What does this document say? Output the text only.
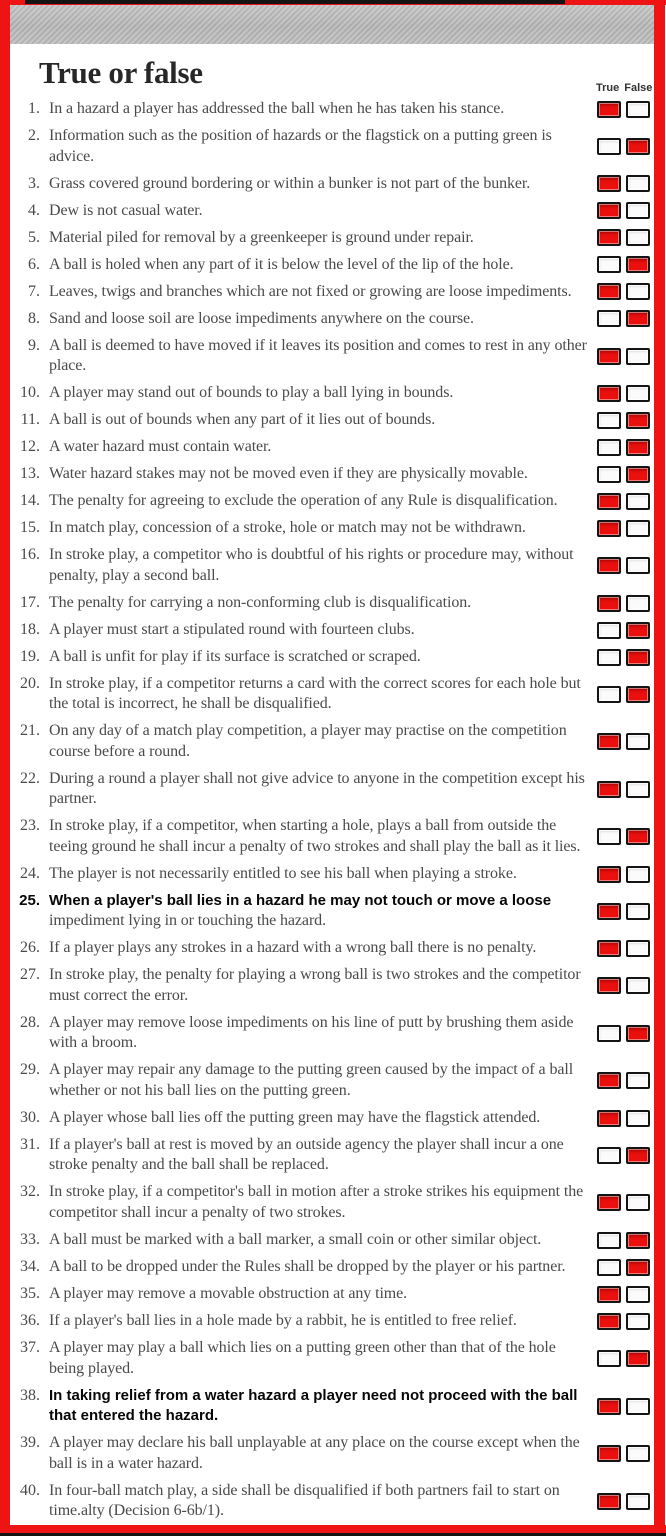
True or false	True False
1. In a hazard a player has addressed the ball when he has taken his stance.
2. Information such as the position of hazards or the flagstick on a putting green is advice.
3. Grass covered ground bordering or within a bunker is not part of the bunker.
4. Dew is not casual water.
5. Material piled for removal by a greenkeeper is ground under repair.
6. A ball is holed when any part of it is below the level of the lip of the hole.
7. Leaves, twigs and branches which are not fixed or growing are loose impediments.
8. Sand and loose soil are loose impediments anywhere on the course.
9. A ball is deemed to have moved if it leaves its position and comes to rest in any other place.
10. A player may stand out of bounds to play a ball lying in bounds.
11. A ball is out of bounds when any part of it lies out of bounds.
12. A water hazard must contain water.
13. Water hazard stakes may not be moved even if they are physically movable.
14. The penalty for agreeing to exclude the operation of any Rule is disqualification.
15. In match play, concession of a stroke, hole or match may not be withdrawn.
16. In stroke play, a competitor who is doubtful of his rights or procedure may, without penalty, play a second ball.
17. The penalty for carrying a non-conforming club is disqualification.
18. A player must start a stipulated round with fourteen clubs.
19. A ball is unfit for play if its surface is scratched or scraped.
20. In stroke play, if a competitor returns a card with the correct scores for each hole but the total is incorrect, he shall be disqualified.
21. On any day of a match play competition, a player may practise on the competition course before a round.
22. During a round a player shall not give advice to anyone in the competition except his partner.
23. In stroke play, if a competitor, when starting a hole, plays a ball from outside the teeing ground he shall incur a penalty of two strokes and shall play the ball as it lies.
24. The player is not necessarily entitled to see his ball when playing a stroke.
25. When a player's ball lies in a hazard he may not touch or move a loose impediment lying in or touching the hazard.
26. If a player plays any strokes in a hazard with a wrong ball there is no penalty.
27. In stroke play, the penalty for playing a wrong ball is two strokes and the competitor must correct the error.
28. A player may remove loose impediments on his line of putt by brushing them aside with a broom.
29. A player may repair any damage to the putting green caused by the impact of a ball whether or not his ball lies on the putting green.
30. A player whose ball lies off the putting green may have the flagstick attended.
31. If a player's ball at rest is moved by an outside agency the player shall incur a one stroke penalty and the ball shall be replaced.
32. In stroke play, if a competitor's ball in motion after a stroke strikes his equipment the competitor shall incur a penalty of two strokes.
33. A ball must be marked with a ball marker, a small coin or other similar object.
34. A ball to be dropped under the Rules shall be dropped by the player or his partner.
35. A player may remove a movable obstruction at any time.
36. If a player's ball lies in a hole made by a rabbit, he is entitled to free relief.
37. A player may play a ball which lies on a putting green other than that of the hole being played.
38. In taking relief from a water hazard a player need not proceed with the ball that entered the hazard.
39. A player may declare his ball unplayable at any place on the course except when the ball is in a water hazard.
40. In four-ball match play, a side shall be disqualified if both partners fail to start on time.alty (Decision 6-6b/1).
